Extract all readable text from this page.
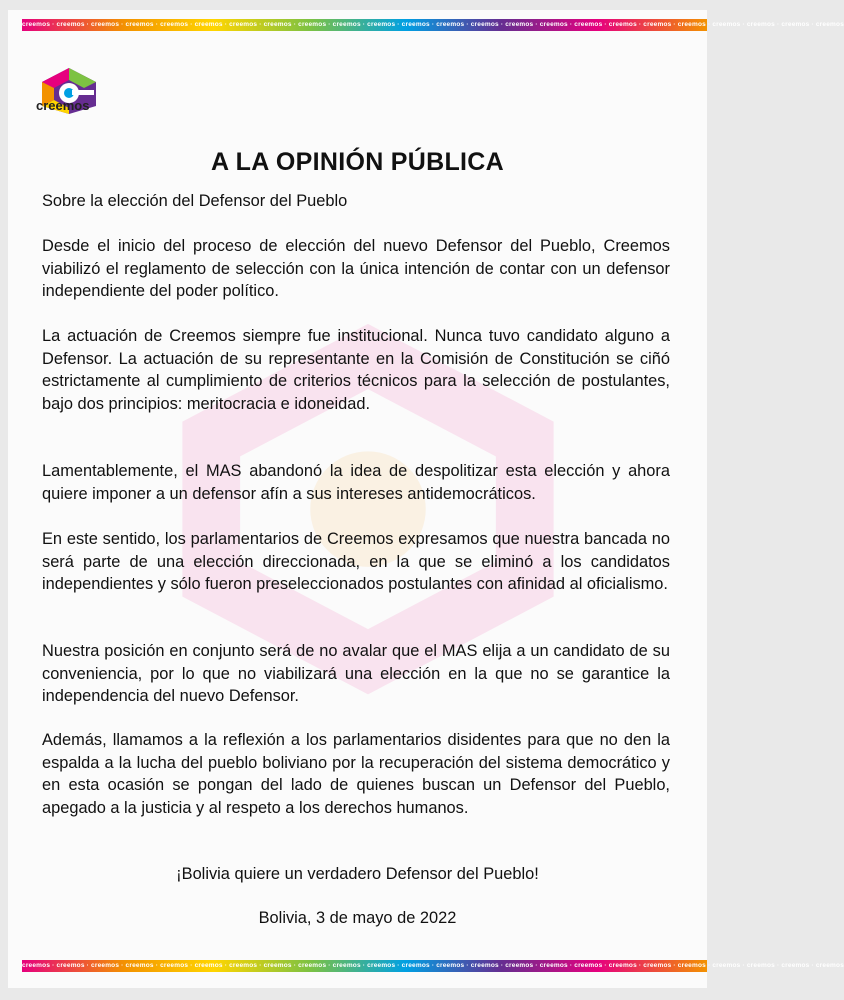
creemos · creemos · creemos · creemos · creemos · creemos · creemos · creemos · creemos · creemos · creemos · creemos · creemos · creemos · creemos · creemos · creemos · creemos · creemos · creemos · creemos · creemos · creemos · creemos
creemos
A LA OPINIÓN PÚBLICA
Sobre la elección del Defensor del Pueblo
Desde el inicio del proceso de elección del nuevo Defensor del Pueblo, Creemos viabilizó el reglamento de selección con la única intención de contar con un defensor independiente del poder político.
La actuación de Creemos siempre fue institucional. Nunca tuvo candidato alguno a Defensor. La actuación de su representante en la Comisión de Constitución se ciñó estrictamente al cumplimiento de criterios técnicos para la selección de postulantes, bajo dos principios: meritocracia e idoneidad.
Lamentablemente, el MAS abandonó la idea de despolitizar esta elección y ahora quiere imponer a un defensor afín a sus intereses antidemocráticos.
En este sentido, los parlamentarios de Creemos expresamos que nuestra bancada no será parte de una elección direccionada, en la que se eliminó a los candidatos independientes y sólo fueron preseleccionados postulantes con afinidad al oficialismo.
Nuestra posición en conjunto será de no avalar que el MAS elija a un candidato de su conveniencia, por lo que no viabilizará una elección en la que no se garantice la independencia del nuevo Defensor.
Además, llamamos a la reflexión a los parlamentarios disidentes para que no den la espalda a la lucha del pueblo boliviano por la recuperación del sistema democrático y en esta ocasión se pongan del lado de quienes buscan un Defensor del Pueblo, apegado a la justicia y al respeto a los derechos humanos.
¡Bolivia quiere un verdadero Defensor del Pueblo!
Bolivia, 3 de mayo de 2022
creemos · creemos · creemos · creemos · creemos · creemos · creemos · creemos · creemos · creemos · creemos · creemos · creemos · creemos · creemos · creemos · creemos · creemos · creemos · creemos · creemos · creemos · creemos · creemos
